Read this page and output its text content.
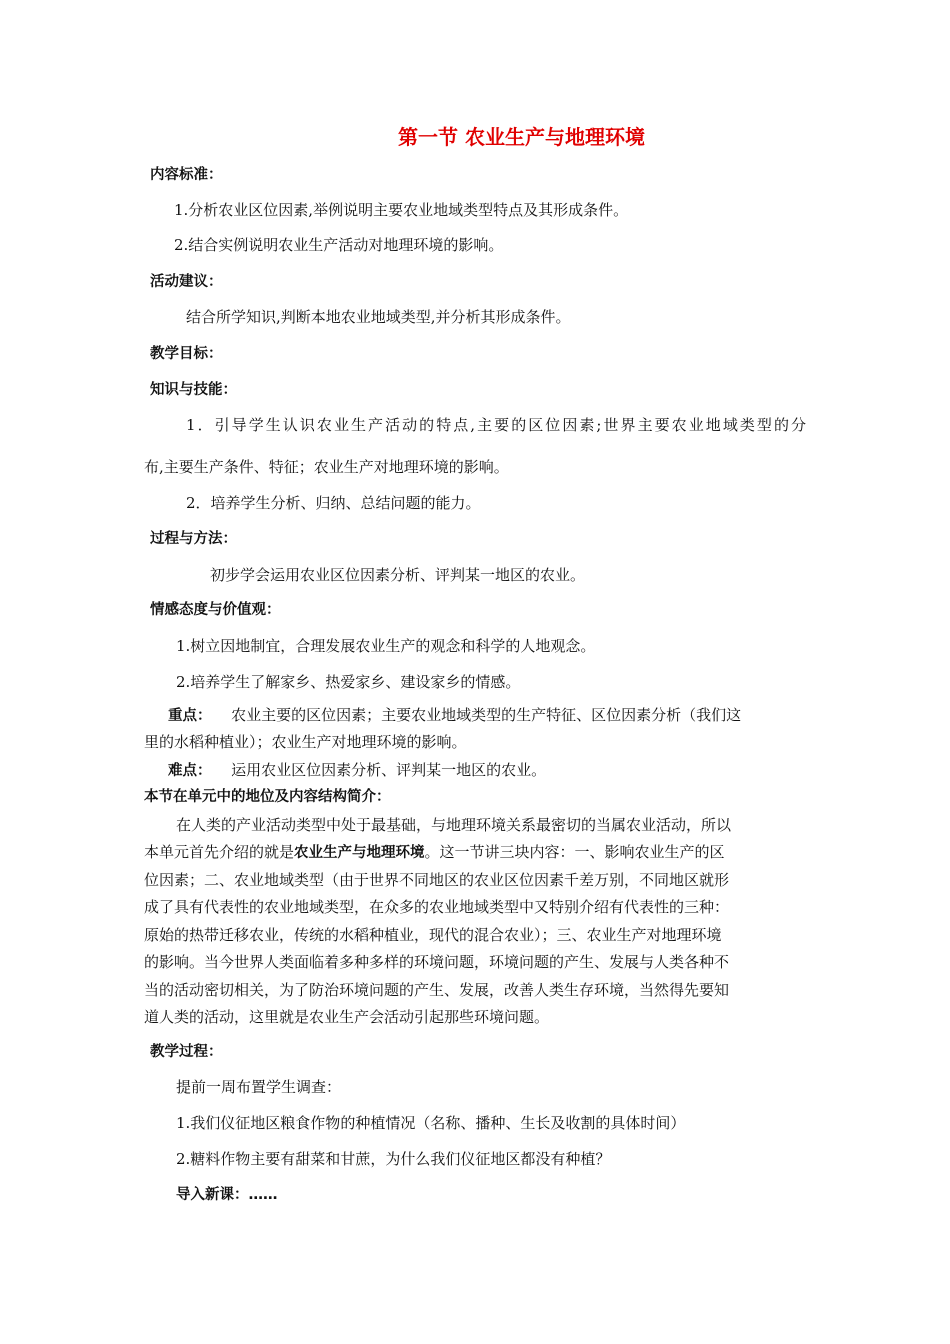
第一节 农业生产与地理环境
内容标准：
1.分析农业区位因素,举例说明主要农业地域类型特点及其形成条件。
2.结合实例说明农业生产活动对地理环境的影响。
活动建议：
结合所学知识,判断本地农业地域类型,并分析其形成条件。
教学目标：
知识与技能：
1．引导学生认识农业生产活动的特点,主要的区位因素;世界主要农业地域类型的分
布,主要生产条件、特征；农业生产对地理环境的影响。
2．培养学生分析、归纳、总结问题的能力。
过程与方法：
初步学会运用农业区位因素分析、评判某一地区的农业。
情感态度与价值观：
1.树立因地制宜，合理发展农业生产的观念和科学的人地观念。
2.培养学生了解家乡、热爱家乡、建设家乡的情感。
重点： 农业主要的区位因素；主要农业地域类型的生产特征、区位因素分析（我们这
里的水稻种植业）；农业生产对地理环境的影响。
难点： 运用农业区位因素分析、评判某一地区的农业。
本节在单元中的地位及内容结构简介：
在人类的产业活动类型中处于最基础，与地理环境关系最密切的当属农业活动，所以
本单元首先介绍的就是农业生产与地理环境。这一节讲三块内容：一、影响农业生产的区
位因素；二、农业地域类型（由于世界不同地区的农业区位因素千差万别，不同地区就形
成了具有代表性的农业地域类型，在众多的农业地域类型中又特别介绍有代表性的三种：
原始的热带迁移农业，传统的水稻种植业，现代的混合农业）；三、农业生产对地理环境
的影响。当今世界人类面临着多种多样的环境问题，环境问题的产生、发展与人类各种不
当的活动密切相关，为了防治环境问题的产生、发展，改善人类生存环境，当然得先要知
道人类的活动，这里就是农业生产会活动引起那些环境问题。
教学过程：
提前一周布置学生调查：
1.我们仪征地区粮食作物的种植情况（名称、播种、生长及收割的具体时间）
2.糖料作物主要有甜菜和甘蔗，为什么我们仪征地区都没有种植？
导入新课：……
